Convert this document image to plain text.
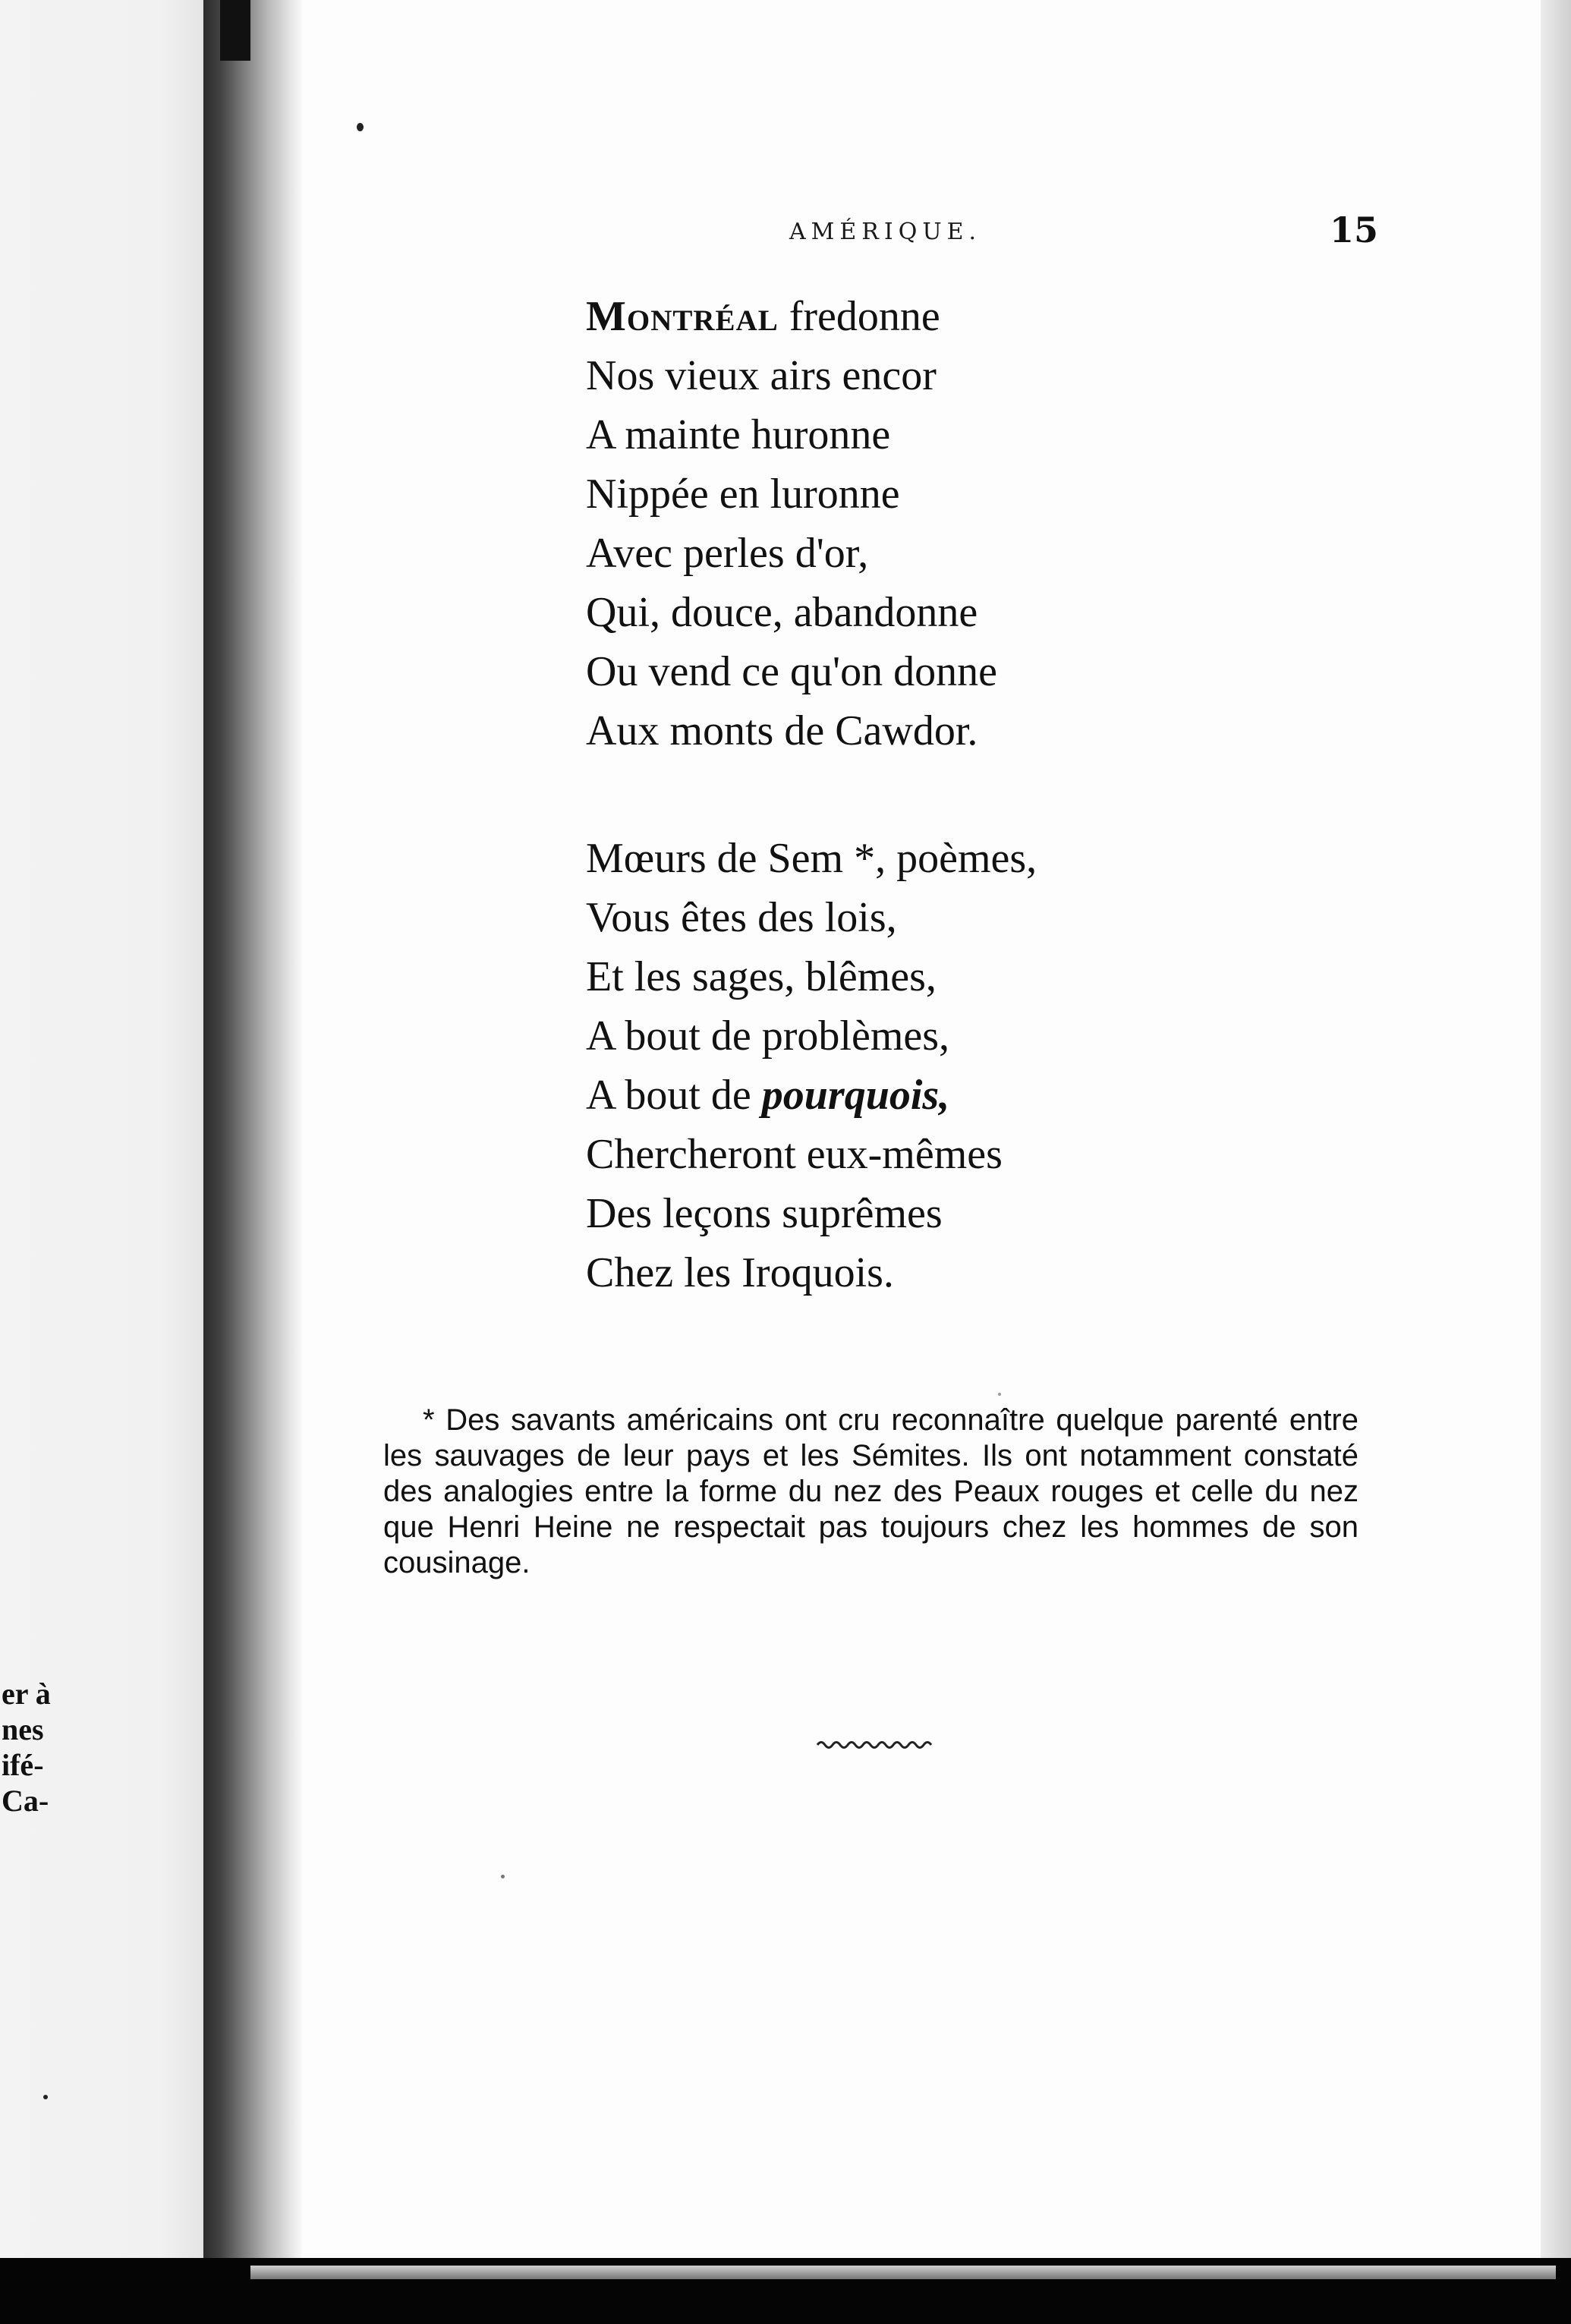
AMÉRIQUE.	15
Montréal fredonne
Nos vieux airs encor
A mainte huronne
Nippée en luronne
Avec perles d'or,
Qui, douce, abandonne
Ou vend ce qu'on donne
Aux monts de Cawdor.
Mœurs de Sem *, poèmes,
Vous êtes des lois,
Et les sages, blêmes,
A bout de problèmes,
A bout de pourquois,
Chercheront eux-mêmes
Des leçons suprêmes
Chez les Iroquois.

* Des savants américains ont cru reconnaître quelque parenté entre les sauvages de leur pays et les Sémites. Ils ont notamment constaté des analogies entre la forme du nez des Peaux rouges et celle du nez que Henri Heine ne respectait pas toujours chez les hommes de son cousinage.

er à
nes
ifé-
Ca-
